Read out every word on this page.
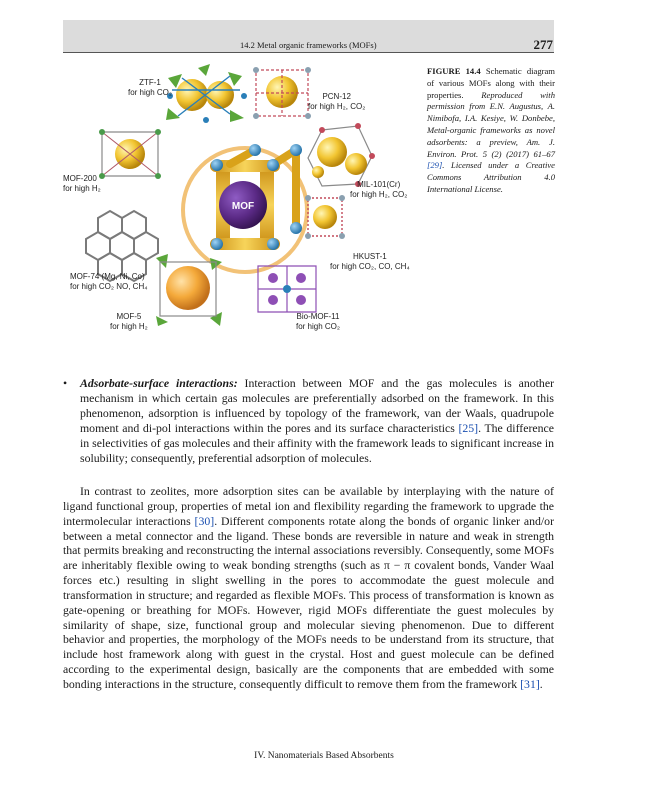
14.2 Metal organic frameworks (MOFs)	277
MOF
ZTF-1
for high CO₂	PCN-12
for high H₂, CO₂
MOF-200
for high H₂	MIL-101(Cr)
for high H₂, CO₂
HKUST-1
for high CO₂, CO, CH₄
MOF-74 (Mg, Ni, Co)
for high CO₂ NO, CH₄
MOF-5
for high H₂
Bio-MOF-11
for high CO₂
FIGURE 14.4 Schematic diagram of various MOFs along with their properties. Reproduced with permission from E.N. Augustus, A. Nimibofa, I.A. Kesiye, W. Donbebe, Metal-organic frameworks as novel adsorbents: a preview, Am. J. Environ. Prot. 5 (2) (2017) 61–67 [29]. Licensed under a Creative Commons Attribution 4.0 International License.
• Adsorbate-surface interactions: Interaction between MOF and the gas molecules is another mechanism in which certain gas molecules are preferentially adsorbed on the framework. In this phenomenon, adsorption is influenced by topology of the framework, van der Waals, quadrupole moment and di-pol interactions within the pores and its surface characteristics [25]. The difference in selectivities of gas molecules and their affinity with the framework leads to significant increase in solubility; consequently, preferential adsorption of molecules.
In contrast to zeolites, more adsorption sites can be available by interplaying with the nature of ligand functional group, properties of metal ion and flexibility regarding the framework to upgrade the intermolecular interactions [30]. Different components rotate along the bonds of organic linker and/or between a metal connector and the ligand. These bonds are reversible in nature and weak in strength that permits breaking and reconstructing the internal associations reversibly. Consequently, some MOFs are inheritably flexible owing to weak bonding strengths (such as π − π covalent bonds, Vander Waal forces etc.) resulting in slight swelling in the pores to accommodate the guest molecule and transformation in structure; and regarded as flexible MOFs. This process of transformation is known as gate-opening or breathing for MOFs. However, rigid MOFs differentiate the guest molecules by similarity of shape, size, functional group and molecular sieving phenomenon. Due to different behavior and properties, the morphology of the MOFs needs to be understand from its structure, that include host framework along with guest in the crystal. Host and guest molecule can be defined according to the experimental design, basically are the components that are embedded with some bonding interactions in the structure, consequently difficult to remove them from the framework [31].
IV. Nanomaterials Based Absorbents
